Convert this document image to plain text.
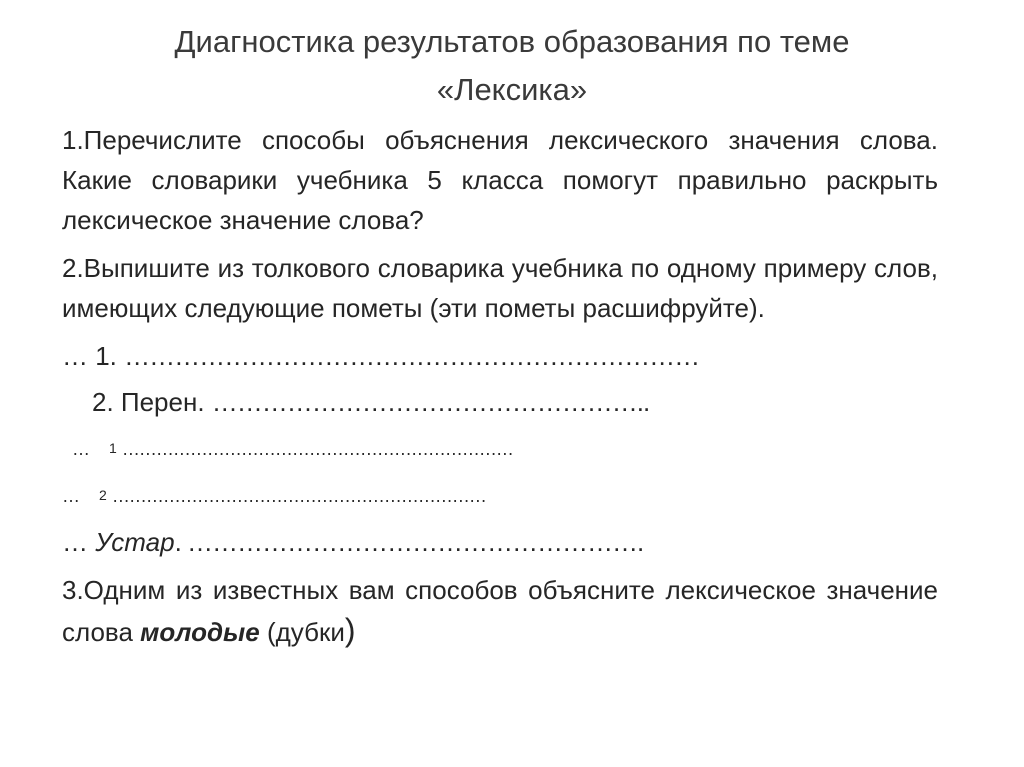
Диагностика результатов образования по теме
«Лексика»

1.Перечислите способы объяснения лексического значения слова. Какие словарики учебника 5 класса помогут правильно раскрыть лексическое значение слова?

2.Выпишите из толкового словарика учебника по одному примеру слов, имеющих следующие пометы (эти пометы расшифруйте).

… 1. ……………………………………………………………
2. Перен. ……………………………………………..
… 1 ……………………………………………………………
… 2 …………………………………………………………
… Устар. ……………………………………………….

3.Одним из известных вам способов объясните лексическое значение слова молодые (дубки)
